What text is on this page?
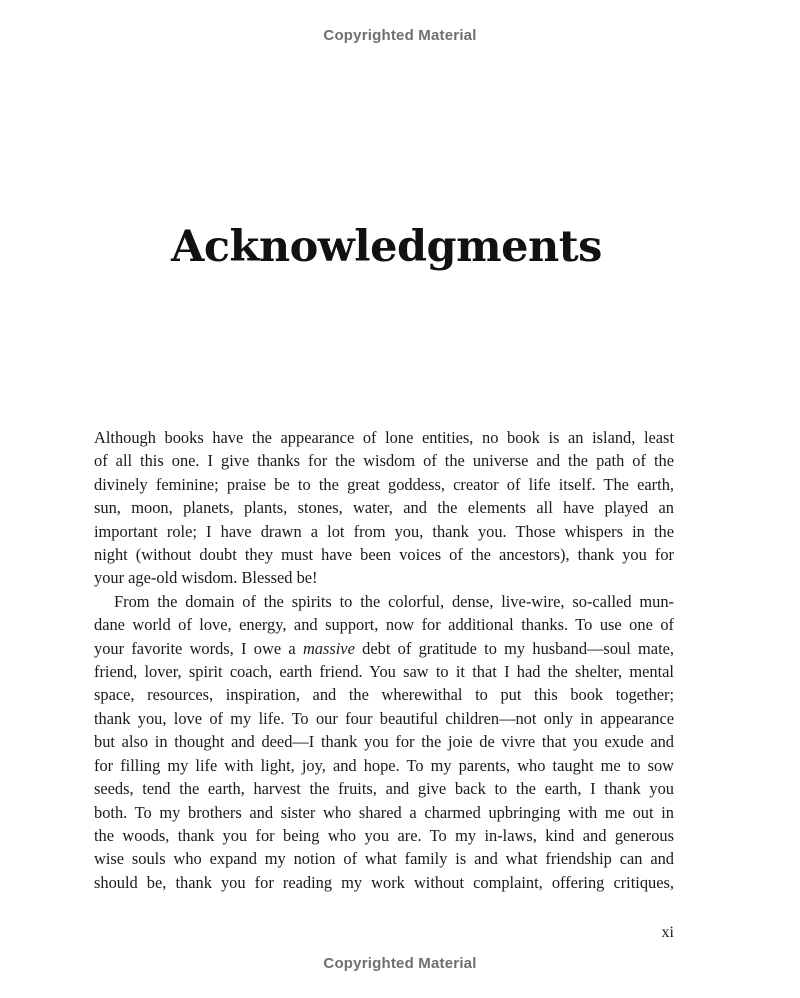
Copyrighted Material
Acknowledgments
Although books have the appearance of lone entities, no book is an island, least
of all this one. I give thanks for the wisdom of the universe and the path of the
divinely feminine; praise be to the great goddess, creator of life itself. The earth,
sun, moon, planets, plants, stones, water, and the elements all have played an
important role; I have drawn a lot from you, thank you. Those whispers in the
night (without doubt they must have been voices of the ancestors), thank you for
your age-old wisdom. Blessed be!
From the domain of the spirits to the colorful, dense, live-wire, so-called mun-
dane world of love, energy, and support, now for additional thanks. To use one of
your favorite words, I owe a massive debt of gratitude to my husband—soul mate,
friend, lover, spirit coach, earth friend. You saw to it that I had the shelter, mental
space, resources, inspiration, and the wherewithal to put this book together;
thank you, love of my life. To our four beautiful children—not only in appearance
but also in thought and deed—I thank you for the joie de vivre that you exude and
for filling my life with light, joy, and hope. To my parents, who taught me to sow
seeds, tend the earth, harvest the fruits, and give back to the earth, I thank you
both. To my brothers and sister who shared a charmed upbringing with me out in
the woods, thank you for being who you are. To my in-laws, kind and generous
wise souls who expand my notion of what family is and what friendship can and
should be, thank you for reading my work without complaint, offering critiques,
xi
Copyrighted Material
